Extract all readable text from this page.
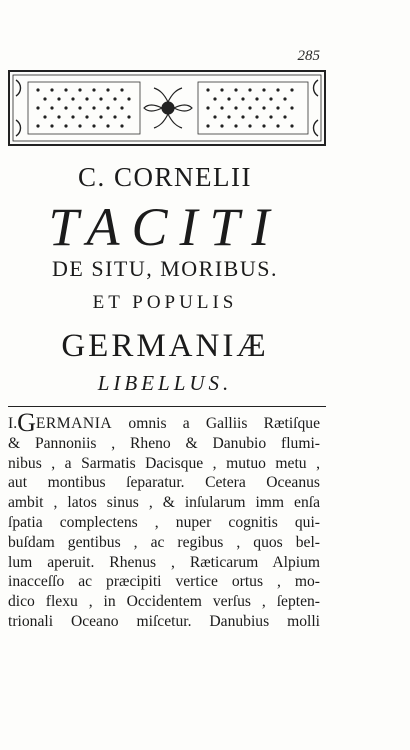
285
C. CORNELII
TACITI
DE SITU, MORIBUS.
ET POPULIS
GERMANIÆ
LIBELLUS.
I.GERMANIA omnis a Galliis Rætiſque
& Pannoniis , Rheno & Danubio flumi-
nibus , a Sarmatis Dacisque , mutuo metu ,
aut montibus ſeparatur. Cetera Oceanus
ambit , latos sinus , & inſularum imm enſa
ſpatia complectens , nuper cognitis qui-
buſdam gentibus , ac regibus , quos bel-
lum aperuit. Rhenus , Ræticarum Alpium
inacceſſo ac præcipiti vertice ortus , mo-
dico flexu , in Occidentem verſus , ſepten-
trionali Oceano miſcetur. Danubius molli
